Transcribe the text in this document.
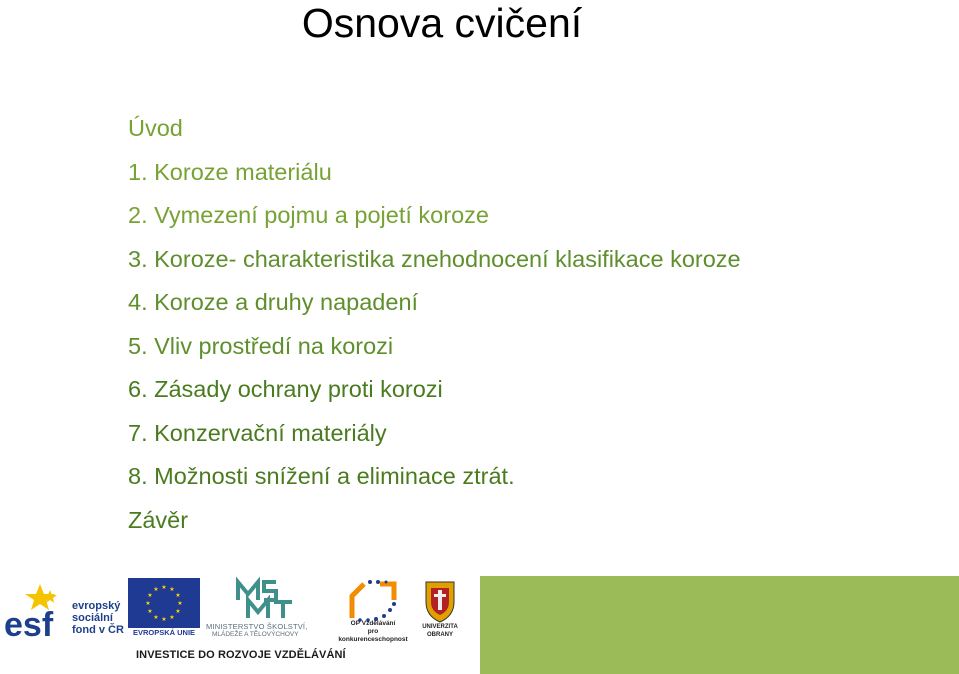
Osnova cvičení
Úvod
1. Koroze materiálu
2. Vymezení pojmu a pojetí koroze
3. Koroze- charakteristika znehodnocení klasifikace koroze
4. Koroze a druhy napadení
5. Vliv prostředí na korozi
6. Zásady ochrany proti korozi
7. Konzervační materiály
8. Možnosti snížení a eliminace ztrát.
Závěr
esf evropský
sociální
fond v ČR
★ ★
★
★
★
★
★
★
★
★
★
★
EVROPSKÁ UNIE
MINISTERSTVO ŠKOLSTVÍ,
MLÁDEŽE A TĚLOVÝCHOVY
OP Vzdělávání
pro konkurenceschopnost
UNIVERZITA
OBRANY
INVESTICE DO ROZVOJE VZDĚLÁVÁNÍ
